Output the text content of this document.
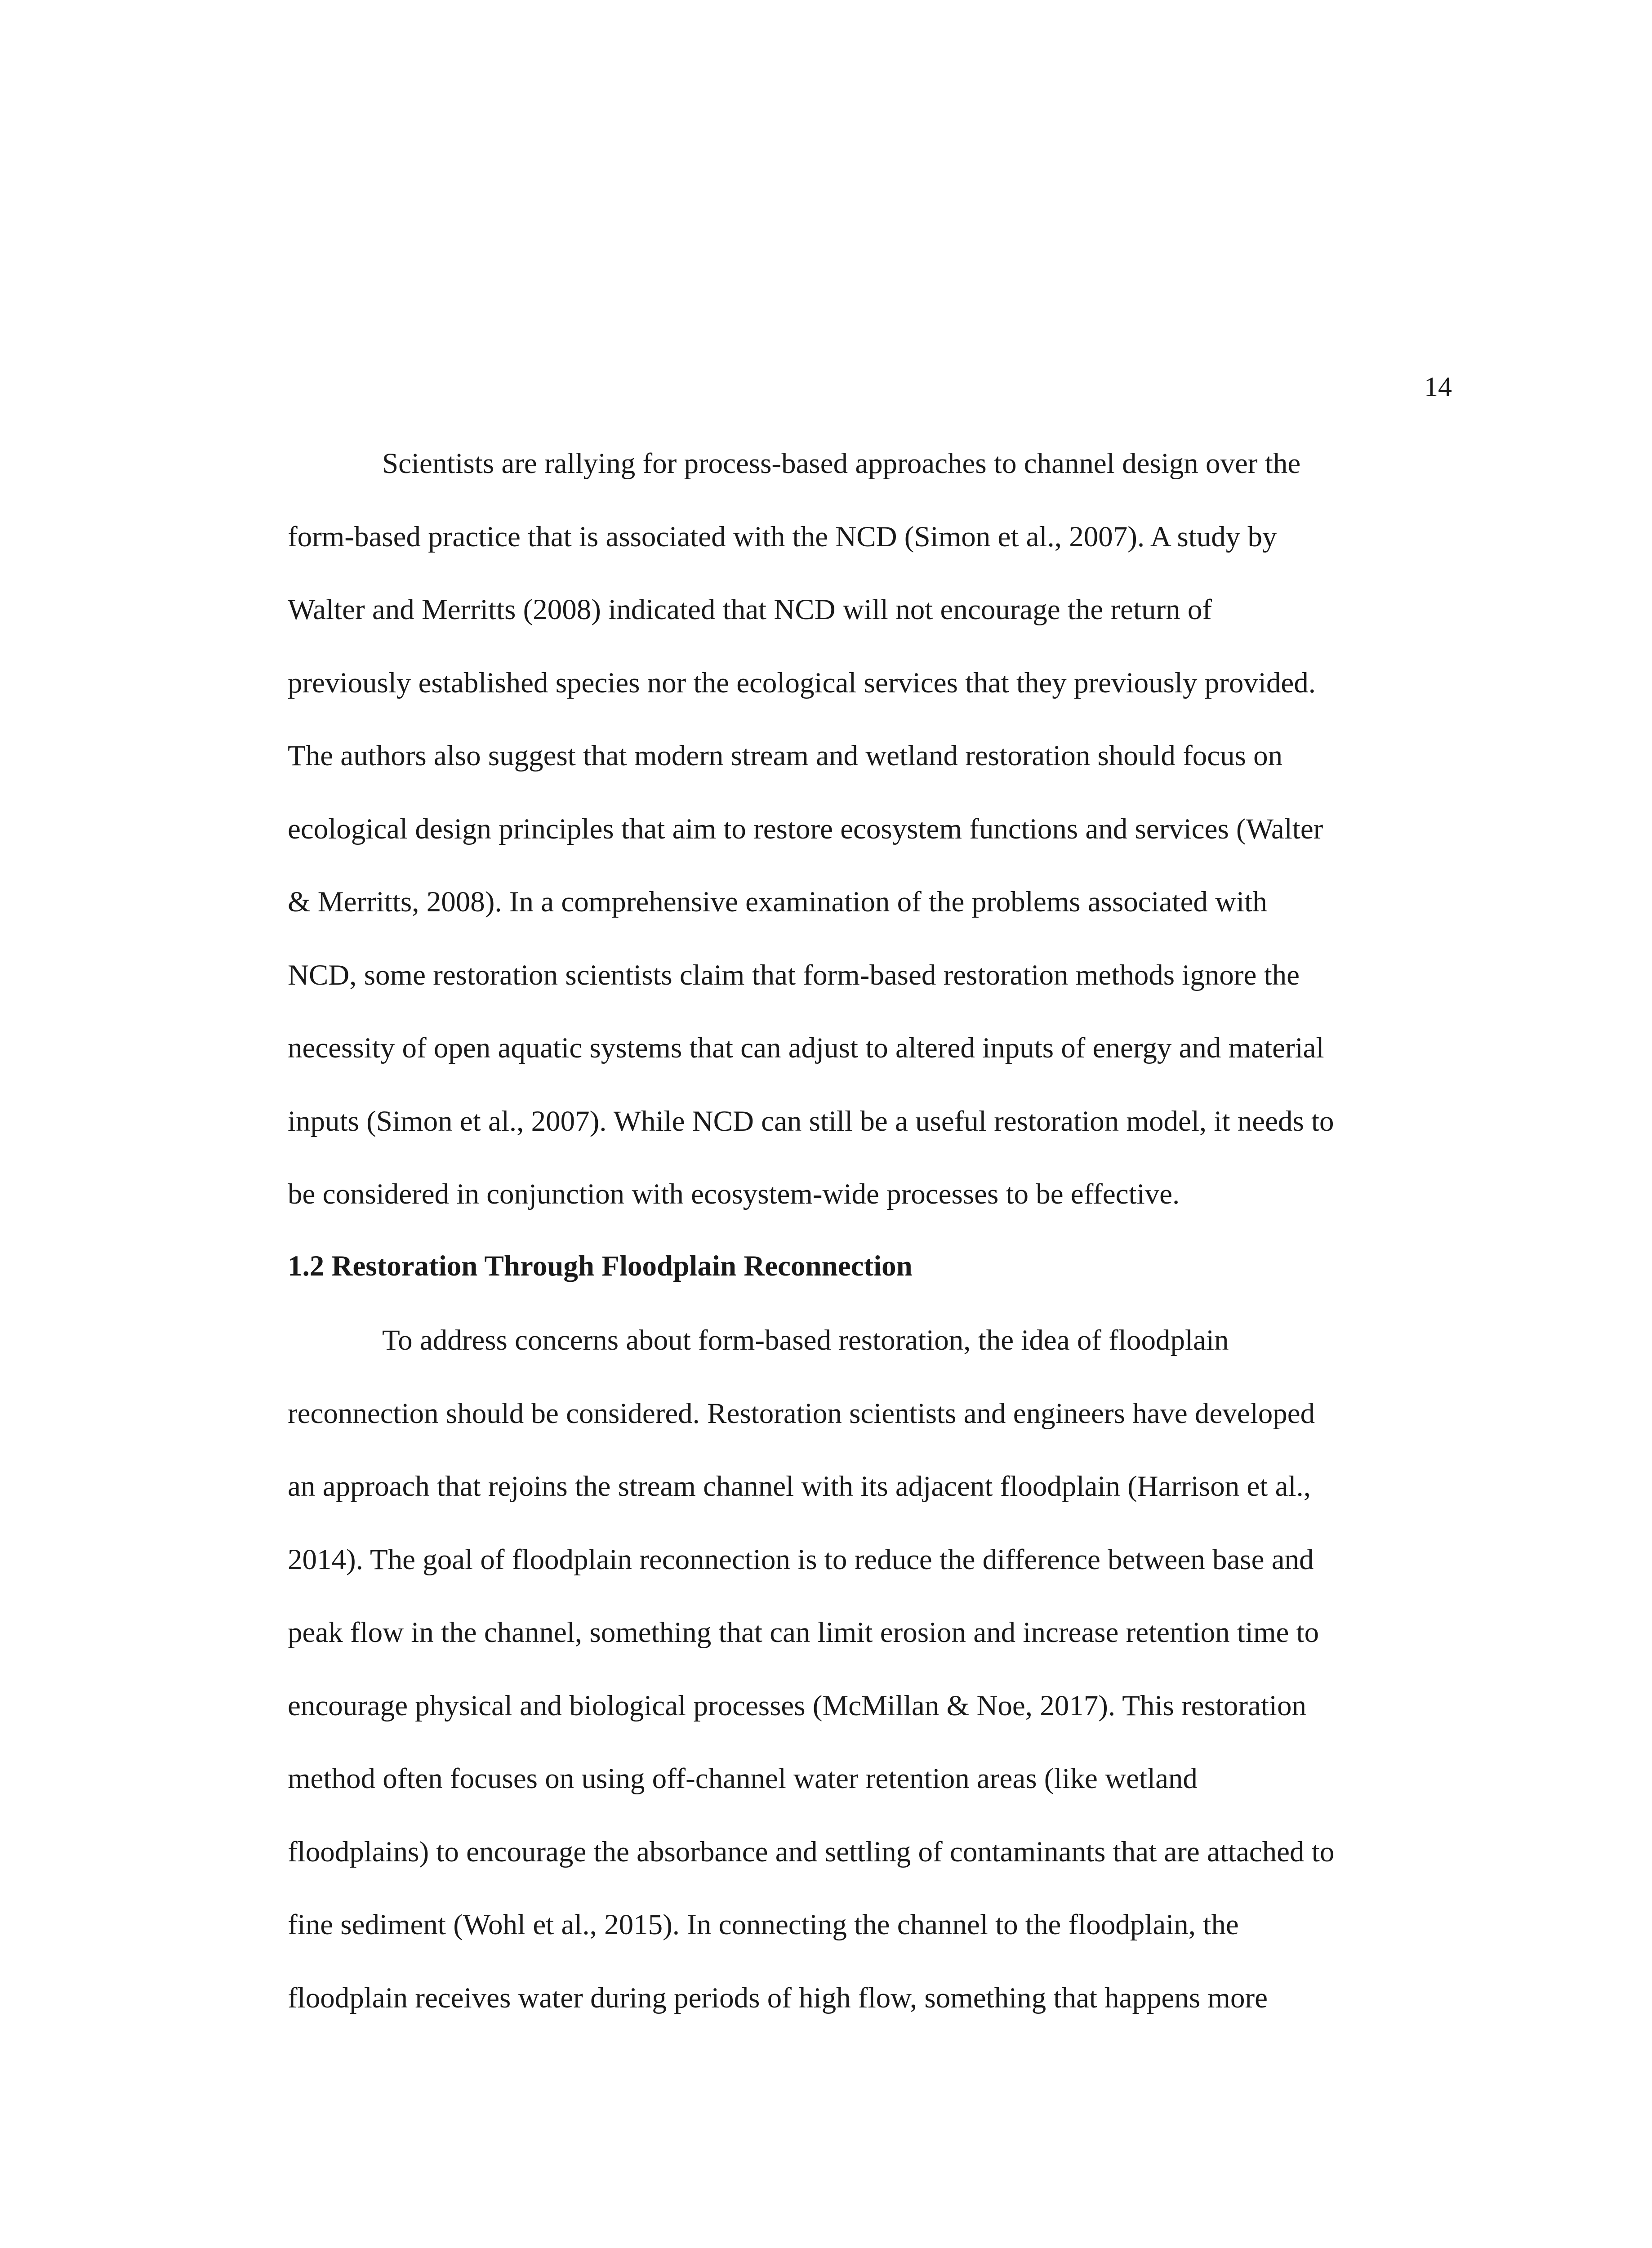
14
Scientists are rallying for process-based approaches to channel design over the
form-based practice that is associated with the NCD (Simon et al., 2007). A study by
Walter and Merritts (2008) indicated that NCD will not encourage the return of
previously established species nor the ecological services that they previously provided.
The authors also suggest that modern stream and wetland restoration should focus on
ecological design principles that aim to restore ecosystem functions and services (Walter
& Merritts, 2008). In a comprehensive examination of the problems associated with
NCD, some restoration scientists claim that form-based restoration methods ignore the
necessity of open aquatic systems that can adjust to altered inputs of energy and material
inputs (Simon et al., 2007). While NCD can still be a useful restoration model, it needs to
be considered in conjunction with ecosystem-wide processes to be effective.
1.2 Restoration Through Floodplain Reconnection
To address concerns about form-based restoration, the idea of floodplain
reconnection should be considered. Restoration scientists and engineers have developed
an approach that rejoins the stream channel with its adjacent floodplain (Harrison et al.,
2014). The goal of floodplain reconnection is to reduce the difference between base and
peak flow in the channel, something that can limit erosion and increase retention time to
encourage physical and biological processes (McMillan & Noe, 2017). This restoration
method often focuses on using off-channel water retention areas (like wetland
floodplains) to encourage the absorbance and settling of contaminants that are attached to
fine sediment (Wohl et al., 2015). In connecting the channel to the floodplain, the
floodplain receives water during periods of high flow, something that happens more
